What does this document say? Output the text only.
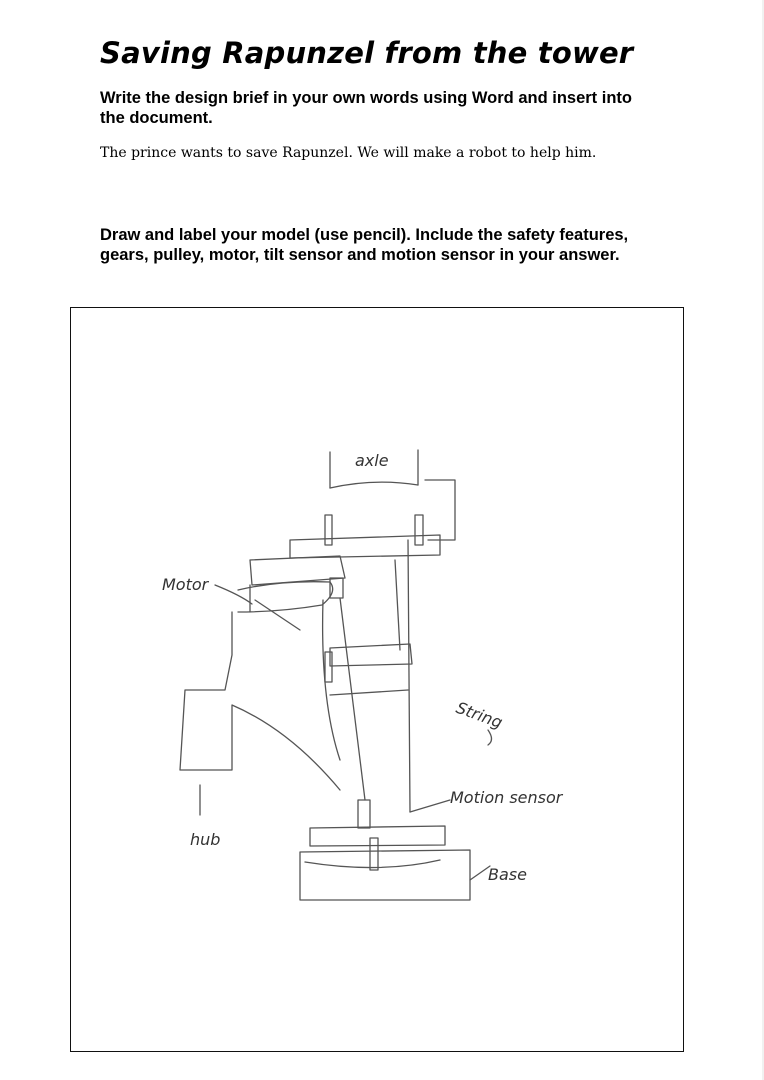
Saving Rapunzel from the tower

Write the design brief in your own words using Word and insert into the document.

The prince wants to save Rapunzel. We will make a robot to help him.

Draw and label your model (use pencil). Include the safety features, gears, pulley, motor, tilt sensor and motion sensor in your answer.

axle
Motor
String
hub
Motion sensor
Base
